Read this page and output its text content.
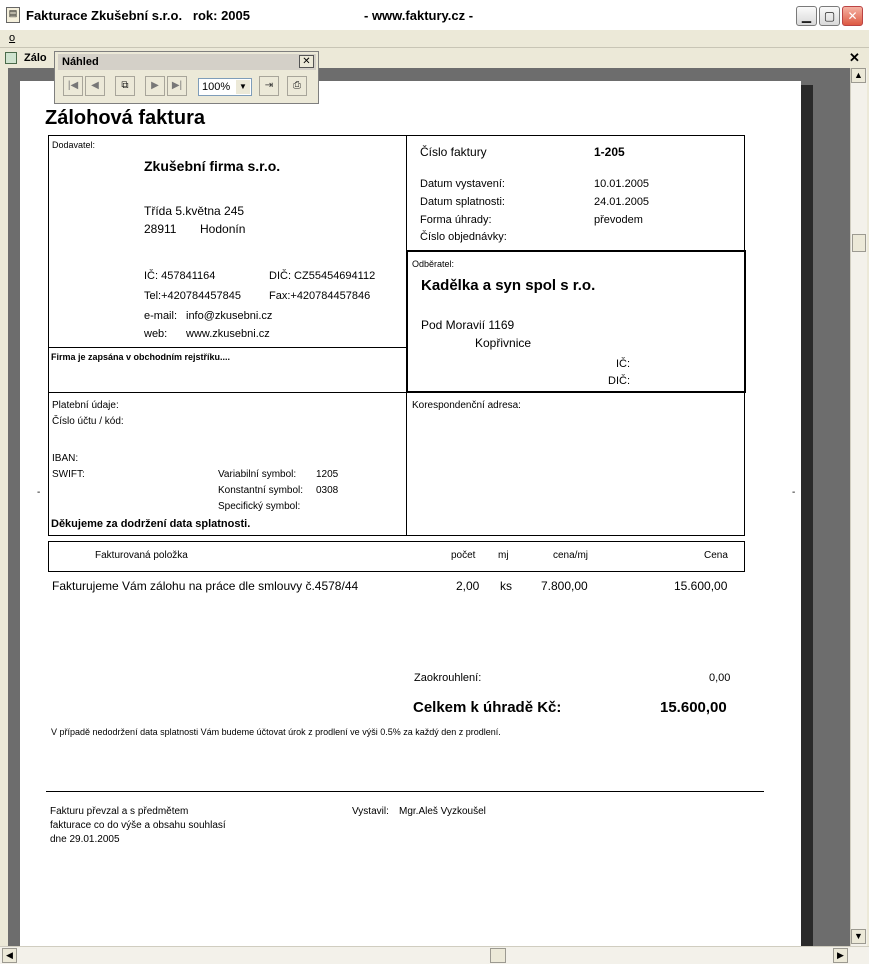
▤ Fakturace Zkušební s.r.o.   rok: 2005	- www.faktury.cz -	▁	▢	✕
o
Zálo	✕
-	-
Zálohová faktura
Dodavatel:
Zkušební firma s.r.o.
Třída 5.května 245
28911 Hodonín
IČ: 457841164	DIČ: CZ55454694112
Tel:+420784457845	Fax:+420784457846
e-mail: info@zkusebni.cz
web: www.zkusebni.cz
Firma je zapsána v obchodním rejstříku....
Číslo faktury	1-205
Datum vystavení:	10.01.2005
Datum splatnosti:	24.01.2005
Forma úhrady:	převodem
Číslo objednávky:
Odběratel:
Kadělka a syn spol s r.o.
Pod Moravií 1169
Kopřivnice
IČ:
DIČ:
Platební údaje:
Číslo účtu / kód:
IBAN:
SWIFT:	Variabilní symbol: 1205
Konstantní symbol: 0308
Specifický symbol:
Děkujeme za dodržení data splatnosti.
Korespondenční adresa:
Fakturovaná položka	počet mj	cena/mj	Cena
Fakturujeme Vám zálohu na práce dle smlouvy č.4578/44	2,00 ks 7.800,00	15.600,00
Zaokrouhlení:	0,00
Celkem k úhradě Kč:	15.600,00
V případě nedodržení data splatnosti Vám budeme účtovat úrok z prodlení ve výši 0.5% za každý den z prodlení.
Fakturu převzal a s předmětem
fakturace co do výše a obsahu souhlasí
dne 29.01.2005
Vystavil: Mgr.Aleš Vyzkoušel
Náhled	✕
|◀	◀	⧉	▶	▶|	100%	▼	⇥	⎙
▲
▼
◀	▶
